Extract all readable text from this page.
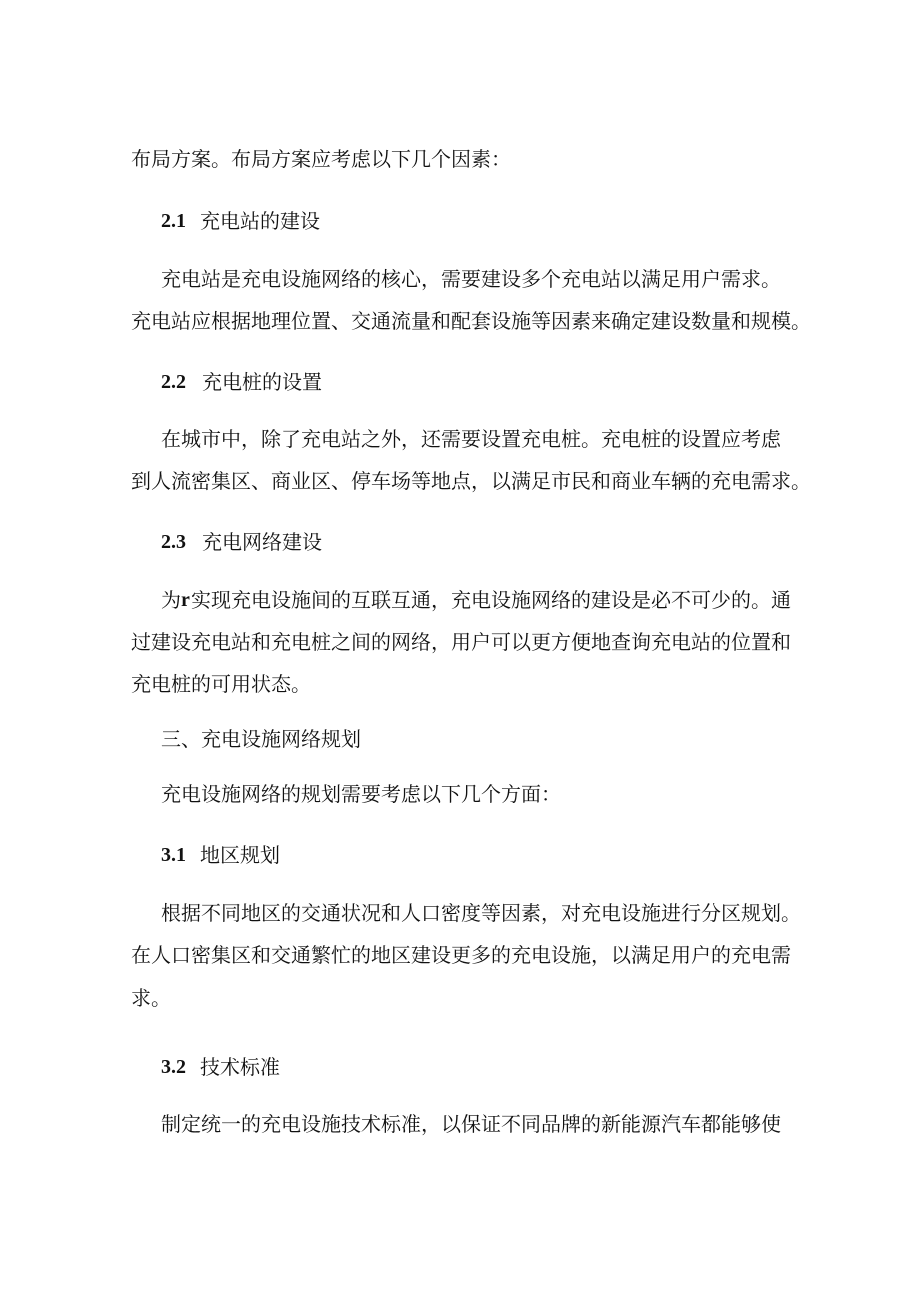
布局方案。布局方案应考虑以下几个因素：
2.1 充电站的建设
充电站是充电设施网络的核心，需要建设多个充电站以满足用户需求。
充电站应根据地理位置、交通流量和配套设施等因素来确定建设数量和规模。
2.2 充电桩的设置
在城市中，除了充电站之外，还需要设置充电桩。充电桩的设置应考虑
到人流密集区、商业区、停车场等地点，以满足市民和商业车辆的充电需求。
2.3 充电网络建设
为 r 实现充电设施间的互联互通，充电设施网络的建设是必不可少的。通
过建设充电站和充电桩之间的网络，用户可以更方便地查询充电站的位置和
充电桩的可用状态。
三、充电设施网络规划
充电设施网络的规划需要考虑以下几个方面：
3.1 地区规划
根据不同地区的交通状况和人口密度等因素，对充电设施进行分区规划。
在人口密集区和交通繁忙的地区建设更多的充电设施，以满足用户的充电需
求。
3.2 技术标准
制定统一的充电设施技术标准，以保证不同品牌的新能源汽车都能够使
